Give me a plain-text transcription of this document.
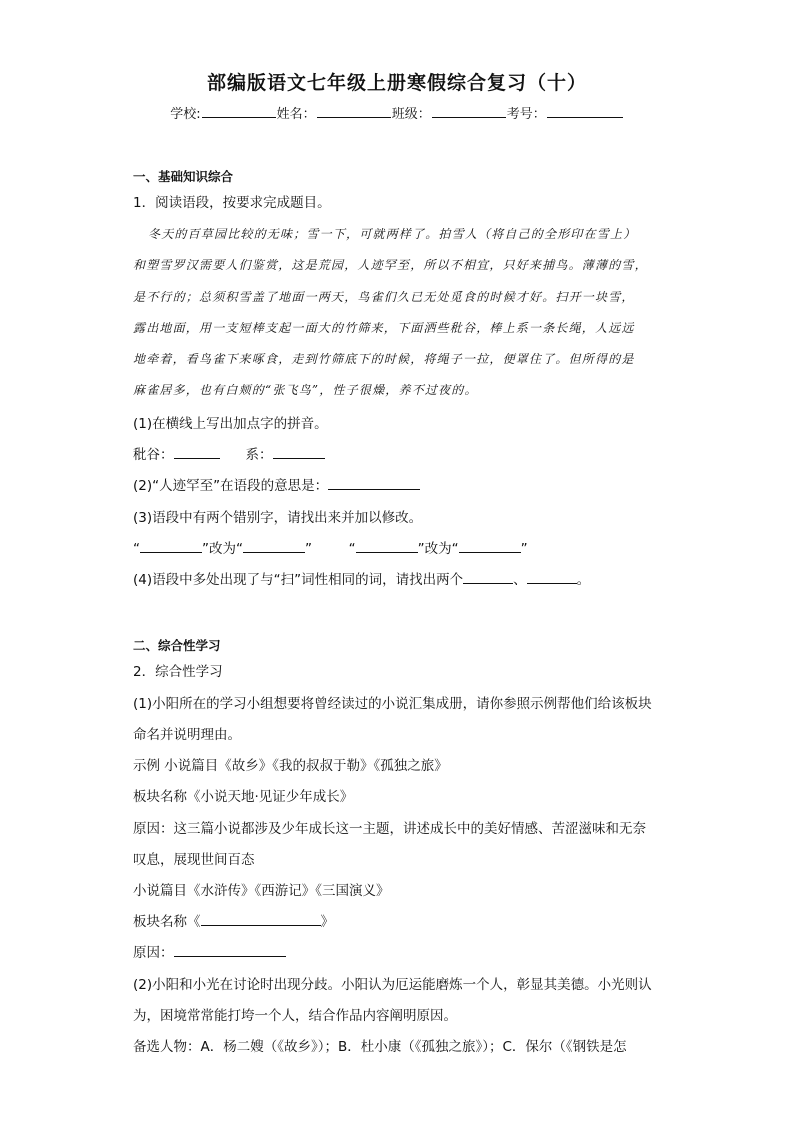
部编版语文七年级上册寒假综合复习（十）
学校:	姓名：	班级：	考号：
一、基础知识综合
1．阅读语段，按要求完成题目。
冬天的百草园比较的无味；雪一下，可就两样了。拍雪人（将自己的全形印在雪上）
和塑雪罗汉需要人们鉴赏，这是荒园，人迹罕至，所以不相宜，只好来捕鸟。薄薄的雪，
是不行的；总须积雪盖了地面一两天，鸟雀们久已无处觅食的时候才好。扫开一块雪，
露出地面，用一支短棒支起一面大的竹筛来，下面洒些秕谷，棒上系一条长绳，人远远
地牵着，看鸟雀下来啄食，走到竹筛底下的时候，将绳子一拉，便罩住了。但所得的是
麻雀居多，也有白颊的“张飞鸟”，性子很燥，养不过夜的。
(1)在横线上写出加点字的拼音。
秕谷：	系：
(2)“人迹罕至”在语段的意思是：
(3)语段中有两个错别字，请找出来并加以修改。
“	”改为“	”	“	”改为“	”
(4)语段中多处出现了与“扫”词性相同的词，请找出两个	、	。
二、综合性学习
2．综合性学习
(1)小阳所在的学习小组想要将曾经读过的小说汇集成册，请你参照示例帮他们给该板块
命名并说明理由。
示例 小说篇目《故乡》《我的叔叔于勒》《孤独之旅》
板块名称《小说天地·见证少年成长》
原因：这三篇小说都涉及少年成长这一主题，讲述成长中的美好情感、苦涩滋味和无奈
叹息，展现世间百态
小说篇目《水浒传》《西游记》《三国演义》
板块名称《	》
原因：
(2)小阳和小光在讨论时出现分歧。小阳认为厄运能磨炼一个人，彰显其美德。小光则认
为，困境常常能打垮一个人，结合作品内容阐明原因。
备选人物：A．杨二嫂（《故乡》）；B．杜小康（《孤独之旅》）；C．保尔（《钢铁是怎
